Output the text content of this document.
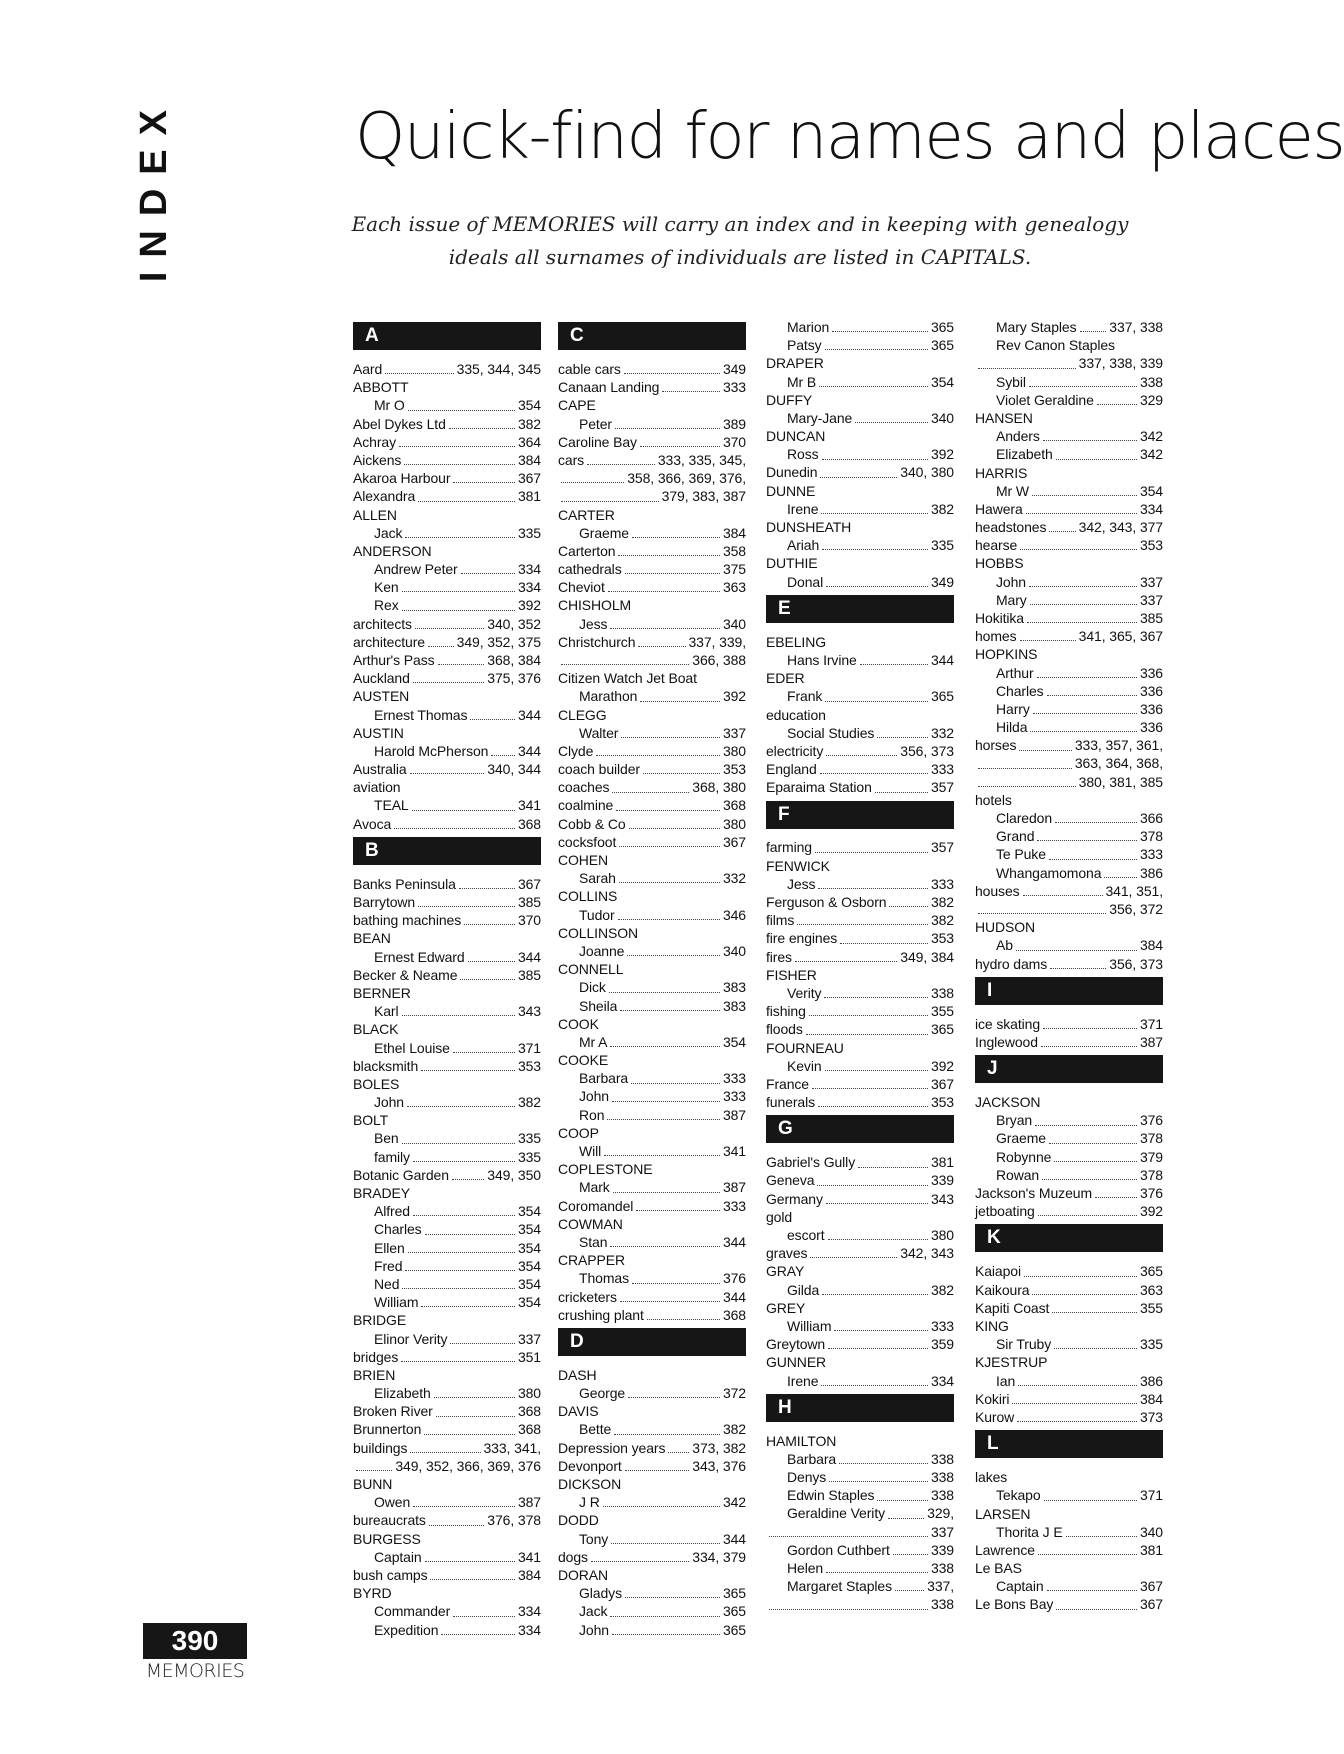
INDEX	Quick-find for names and places
Each issue of MEMORIES will carry an index and in keeping with genealogy ideals all surnames of individuals are listed in CAPITALS.
A
Aard	335, 344, 345
ABBOTT
Mr O	354
Abel Dykes Ltd	382
Achray	364
Aickens	384
Akaroa Harbour	367
Alexandra	381
ALLEN
Jack	335
ANDERSON
Andrew Peter	334
Ken	334
Rex	392
architects	340, 352
architecture 349, 352, 375
Arthur's Pass	368, 384
Auckland	375, 376
AUSTEN
Ernest Thomas	344
AUSTIN
Harold McPherson 344
Australia	340, 344
aviation
TEAL	341
Avoca	368
B
Banks Peninsula	367
Barrytown	385
bathing machines	370
BEAN
Ernest Edward	344
Becker & Neame	385
BERNER
Karl	343
BLACK
Ethel Louise	371
blacksmith	353
BOLES
John	382
BOLT
Ben	335
family	335
Botanic Garden	349, 350
BRADEY
Alfred	354
Charles	354
Ellen	354
Fred	354
Ned	354
William	354
BRIDGE
Elinor Verity	337
bridges	351
BRIEN
Elizabeth	380
Broken River	368
Brunnerton	368
buildings	333, 341,
349, 352, 366, 369, 376
BUNN
Owen	387
bureaucrats	376, 378
BURGESS
Captain	341
bush camps	384
BYRD
Commander	334
Expedition	334
C
cable cars	349
Canaan Landing	333
CAPE
Peter	389
Caroline Bay	370
cars	333, 335, 345,
358, 366, 369, 376,
379, 383, 387
CARTER
Graeme	384
Carterton	358
cathedrals	375
Cheviot	363
CHISHOLM
Jess	340
Christchurch	337, 339,
366, 388
Citizen Watch Jet Boat
Marathon	392
CLEGG
Walter	337
Clyde	380
coach builder	353
coaches	368, 380
coalmine	368
Cobb & Co	380
cocksfoot	367
COHEN
Sarah	332
COLLINS
Tudor	346
COLLINSON
Joanne	340
CONNELL
Dick	383
Sheila	383
COOK
Mr A	354
COOKE
Barbara	333
John	333
Ron	387
COOP
Will	341
COPLESTONE
Mark	387
Coromandel	333
COWMAN
Stan	344
CRAPPER
Thomas	376
cricketers	344
crushing plant	368
D
DASH
George	372
DAVIS
Bette	382
Depression years 373, 382
Devonport	343, 376
DICKSON
J R	342
DODD
Tony	344
dogs	334, 379
DORAN
Gladys	365
Jack	365
John	365
Marion	365
Patsy	365
DRAPER
Mr B	354
DUFFY
Mary-Jane	340
DUNCAN
Ross	392
Dunedin	340, 380
DUNNE
Irene	382
DUNSHEATH
Ariah	335
DUTHIE
Donal	349
E
EBELING
Hans Irvine	344
EDER
Frank	365
education
Social Studies	332
electricity	356, 373
England	333
Eparaima Station	357
F
farming	357
FENWICK
Jess	333
Ferguson & Osborn	382
films	382
fire engines	353
fires	349, 384
FISHER
Verity	338
fishing	355
floods	365
FOURNEAU
Kevin	392
France	367
funerals	353
G
Gabriel's Gully	381
Geneva	339
Germany	343
gold
escort	380
graves	342, 343
GRAY
Gilda	382
GREY
William	333
Greytown	359
GUNNER
Irene	334
H
HAMILTON
Barbara	338
Denys	338
Edwin Staples	338
Geraldine Verity	329,
337
Gordon Cuthbert	339
Helen	338
Margaret Staples	337,
338
Mary Staples 337, 338
Rev Canon Staples
337, 338, 339
Sybil	338
Violet Geraldine	329
HANSEN
Anders	342
Elizabeth	342
HARRIS
Mr W	354
Hawera	334
headstones 342, 343, 377
hearse	353
HOBBS
John	337
Mary	337
Hokitika	385
homes	341, 365, 367
HOPKINS
Arthur	336
Charles	336
Harry	336
Hilda	336
horses	333, 357, 361,
363, 364, 368,
380, 381, 385
hotels
Claredon	366
Grand	378
Te Puke	333
Whangamomona	386
houses	341, 351,
356, 372
HUDSON
Ab	384
hydro dams	356, 373
I
ice skating	371
Inglewood	387
J
JACKSON
Bryan	376
Graeme	378
Robynne	379
Rowan	378
Jackson's Muzeum	376
jetboating	392
K
Kaiapoi	365
Kaikoura	363
Kapiti Coast	355
KING
Sir Truby	335
KJESTRUP
Ian	386
Kokiri	384
Kurow	373
L
lakes
Tekapo	371
LARSEN
Thorita J E	340
Lawrence	381
Le BAS
Captain	367
Le Bons Bay	367
390
MEMORIES
